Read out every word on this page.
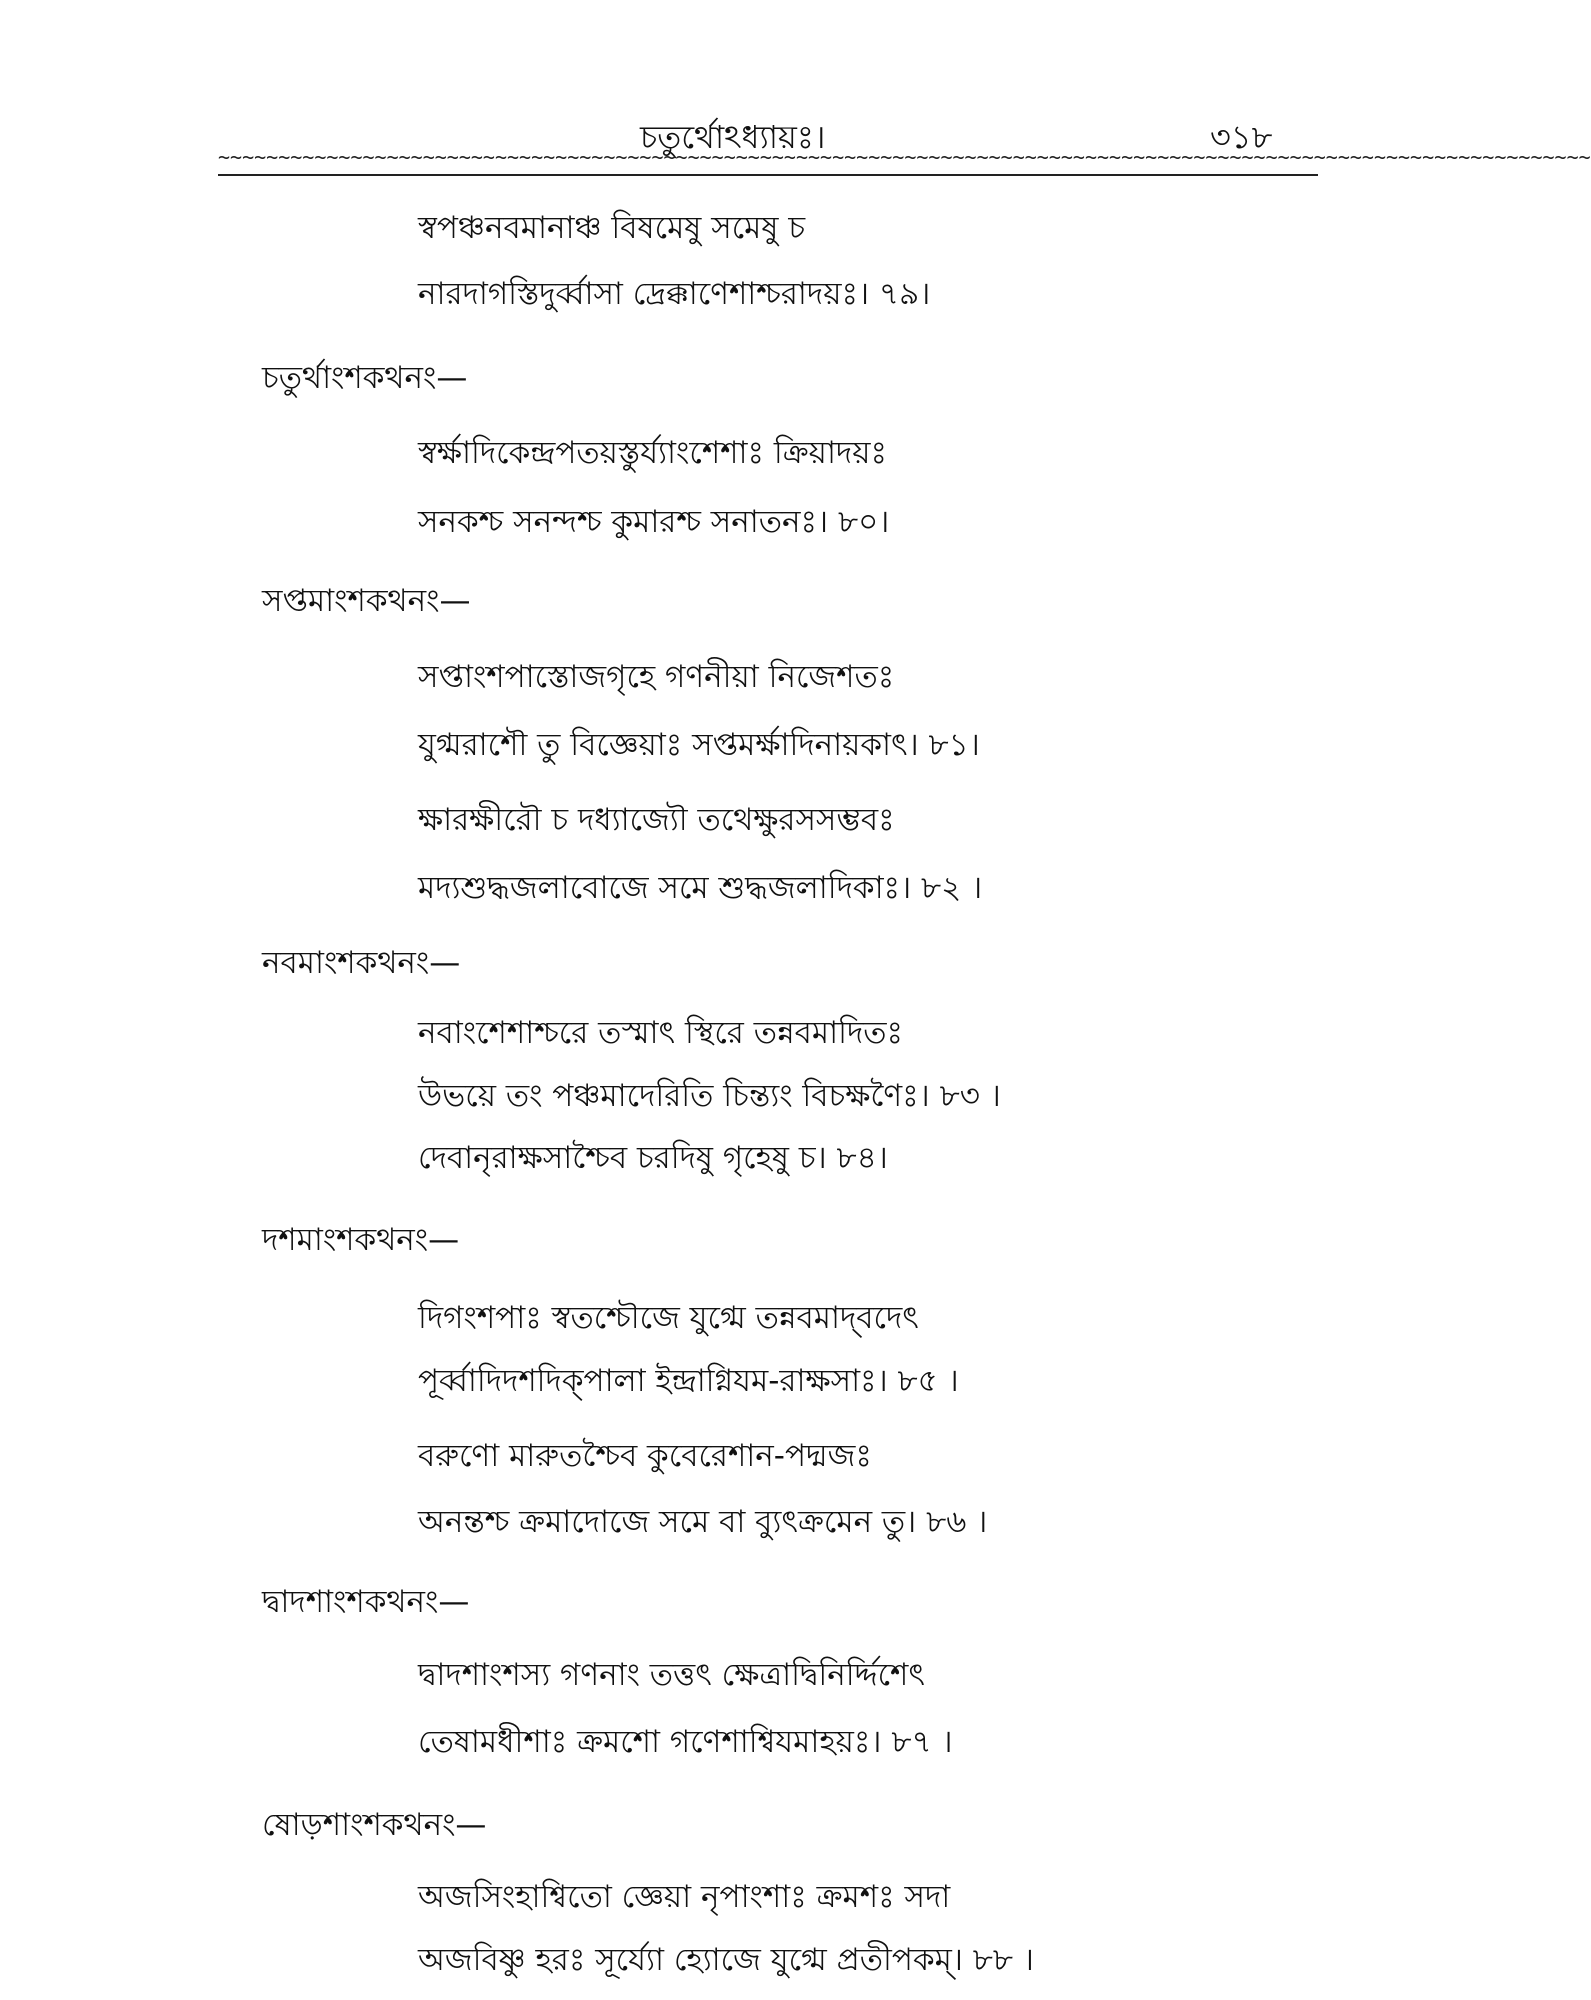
চতুর্থোঽধ্যায়ঃ।	৩১৮
~~~~~~~~~~~~~~~~~~~~~~~~~~~~~~~~~~~~~~~~~~~~~~~~~~~~~~~~~~~~~~~~~~~~~~~~~~~~~~~~~~~~~~~~~~~~~~~~~~~~~~~~~~~~~~~~~~
স্বপঞ্চনবমানাঞ্চ বিষমেষু সমেষু চ
নারদাগস্তিদুর্ব্বাসা দ্রেক্কাণেশাশ্চরাদয়ঃ। ৭৯।
চতুর্থাংশকথনং—
স্বর্ক্ষাদিকেন্দ্রপতয়স্তুর্য্যাংশেশাঃ ক্রিয়াদয়ঃ
সনকশ্চ সনন্দশ্চ কুমারশ্চ সনাতনঃ। ৮০।
সপ্তমাংশকথনং—
সপ্তাংশপাস্তোজগৃহে গণনীয়া নিজেশতঃ
যুগ্মরাশৌ তু বিজ্ঞেয়াঃ সপ্তমর্ক্ষাদিনায়কাৎ। ৮১।
ক্ষারক্ষীরৌ চ দধ্যাজ্যৌ তথেক্ষুরসসম্ভবঃ
মদ্যশুদ্ধজলাবোজে সমে শুদ্ধজলাদিকাঃ। ৮২ ।
নবমাংশকথনং—
নবাংশেশাশ্চরে তস্মাৎ স্থিরে তন্নবমাদিতঃ
উভয়ে তং পঞ্চমাদেরিতি চিন্ত্যং বিচক্ষণৈঃ। ৮৩ ।
দেবানৃরাক্ষসাশ্চৈব চরদিষু গৃহেষু চ। ৮৪।
দশমাংশকথনং—
দিগংশপাঃ স্বতশ্চৌজে যুগ্মে তন্নবমাদ্‌বদেৎ
পূর্ব্বাদিদশদিক্‌পালা ইন্দ্রাগ্নিযম-রাক্ষসাঃ। ৮৫ ।
বরুণো মারুতশ্চৈব কুবেরেশান-পদ্মজঃ
অনন্তশ্চ ক্রমাদোজে সমে বা ব্যুৎক্রমেন তু। ৮৬ ।
দ্বাদশাংশকথনং—
দ্বাদশাংশস্য গণনাং তত্তৎ ক্ষেত্রাদ্বিনির্দ্দিশেৎ
তেষামধীশাঃ ক্রমশো গণেশাশ্বিযমাহয়ঃ। ৮৭ ।
ষোড়শাংশকথনং—
অজসিংহাশ্বিতো জ্ঞেয়া নৃপাংশাঃ ক্রমশঃ সদা
অজবিষ্ণু হরঃ সূর্য্যো হ্যোজে যুগ্মে প্রতীপকম্‌। ৮৮ ।
